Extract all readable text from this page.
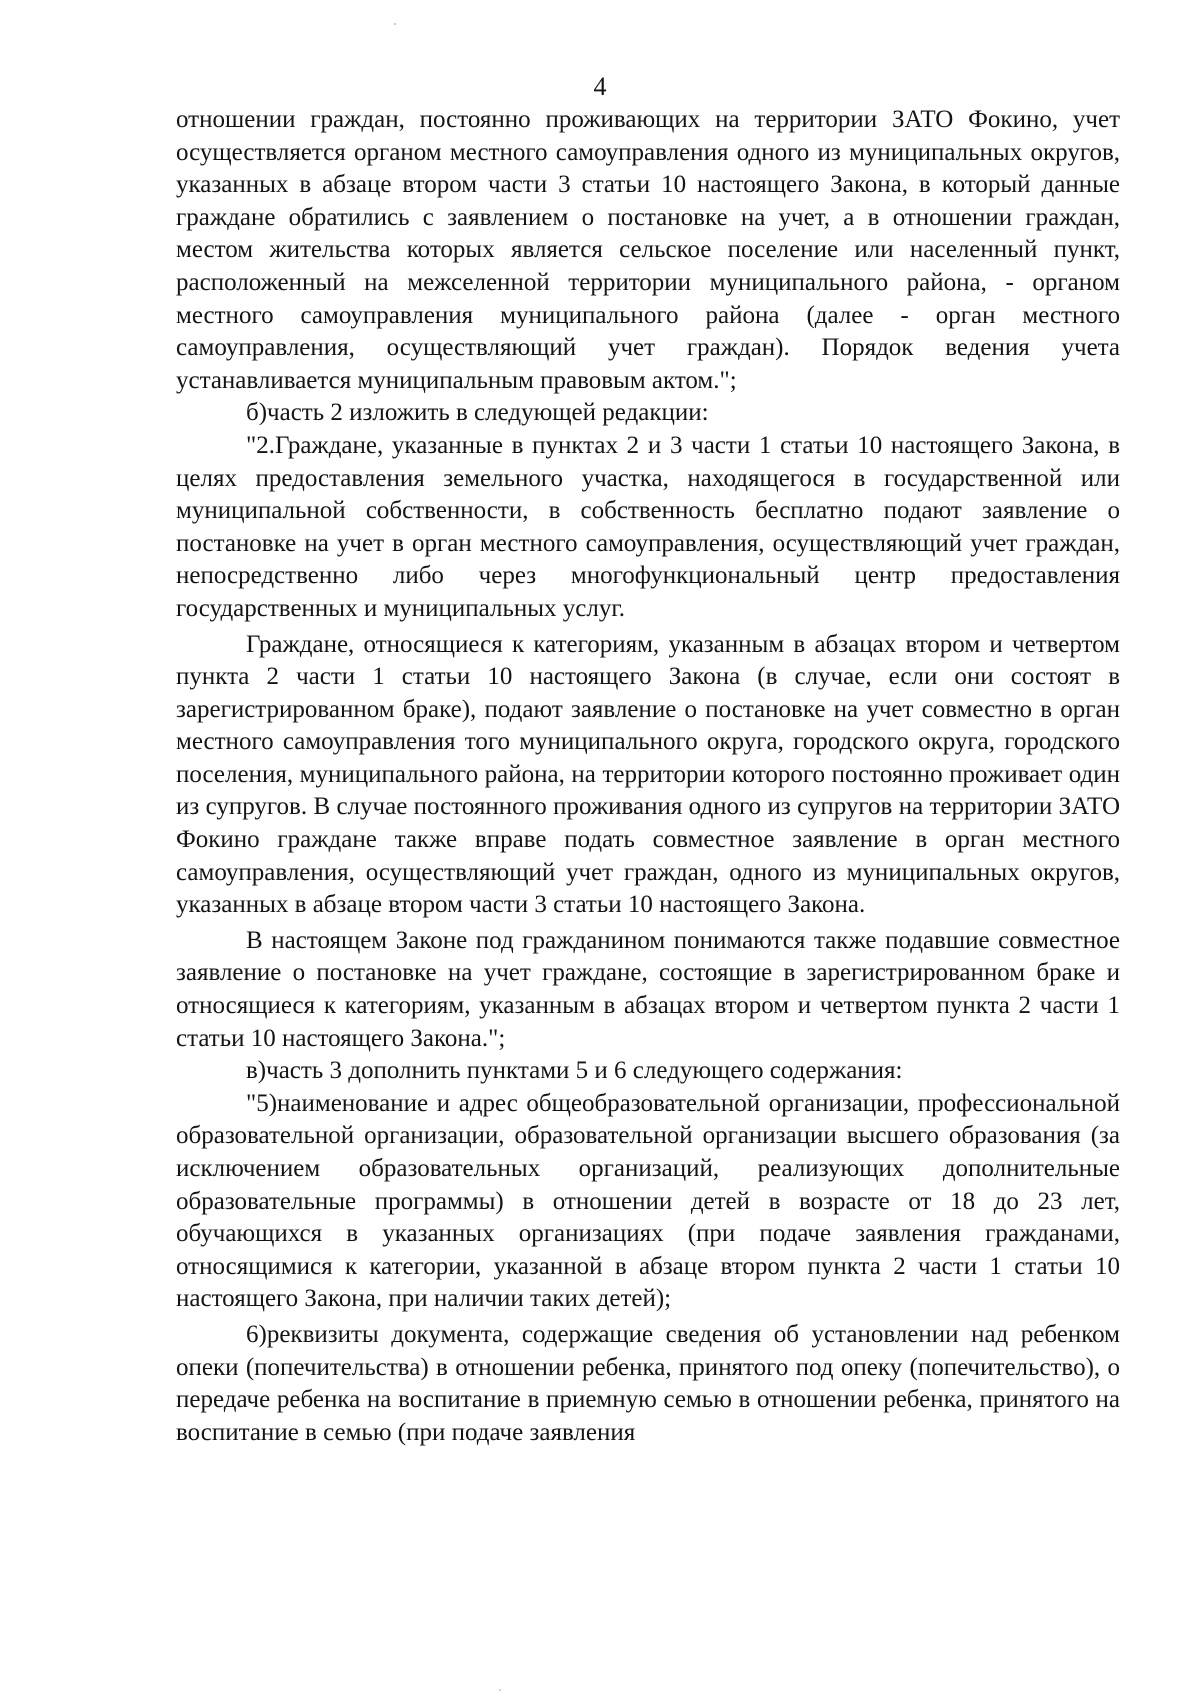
4

отношении граждан, постоянно проживающих на территории ЗАТО Фокино, учет осуществляется органом местного самоуправления одного из муниципальных округов, указанных в абзаце втором части 3 статьи 10 настоящего Закона, в который данные граждане обратились с заявлением о постановке на учет, а в отношении граждан, местом жительства которых является сельское поселение или населенный пункт, расположенный на межселенной территории муниципального района, - органом местного самоуправления муниципального района (далее - орган местного самоуправления, осуществляющий учет граждан). Порядок ведения учета устанавливается муниципальным правовым актом.";

б)часть 2 изложить в следующей редакции:

"2.Граждане, указанные в пунктах 2 и 3 части 1 статьи 10 настоящего Закона, в целях предоставления земельного участка, находящегося в государственной или муниципальной собственности, в собственность бесплатно подают заявление о постановке на учет в орган местного самоуправления, осуществляющий учет граждан, непосредственно либо через многофункциональный центр предоставления государственных и муниципальных услуг.

Граждане, относящиеся к категориям, указанным в абзацах втором и четвертом пункта 2 части 1 статьи 10 настоящего Закона (в случае, если они состоят в зарегистрированном браке), подают заявление о постановке на учет совместно в орган местного самоуправления того муниципального округа, городского округа, городского поселения, муниципального района, на территории которого постоянно проживает один из супругов. В случае постоянного проживания одного из супругов на территории ЗАТО Фокино граждане также вправе подать совместное заявление в орган местного самоуправления, осуществляющий учет граждан, одного из муниципальных округов, указанных в абзаце втором части 3 статьи 10 настоящего Закона.

В настоящем Законе под гражданином понимаются также подавшие совместное заявление о постановке на учет граждане, состоящие в зарегистрированном браке и относящиеся к категориям, указанным в абзацах втором и четвертом пункта 2 части 1 статьи 10 настоящего Закона.";

в)часть 3 дополнить пунктами 5 и 6 следующего содержания:

"5)наименование и адрес общеобразовательной организации, профессиональной образовательной организации, образовательной организации высшего образования (за исключением образовательных организаций, реализующих дополнительные образовательные программы) в отношении детей в возрасте от 18 до 23 лет, обучающихся в указанных организациях (при подаче заявления гражданами, относящимися к категории, указанной в абзаце втором пункта 2 части 1 статьи 10 настоящего Закона, при наличии таких детей);

6)реквизиты документа, содержащие сведения об установлении над ребенком опеки (попечительства) в отношении ребенка, принятого под опеку (попечительство), о передаче ребенка на воспитание в приемную семью в отношении ребенка, принятого на воспитание в семью (при подаче заявления
